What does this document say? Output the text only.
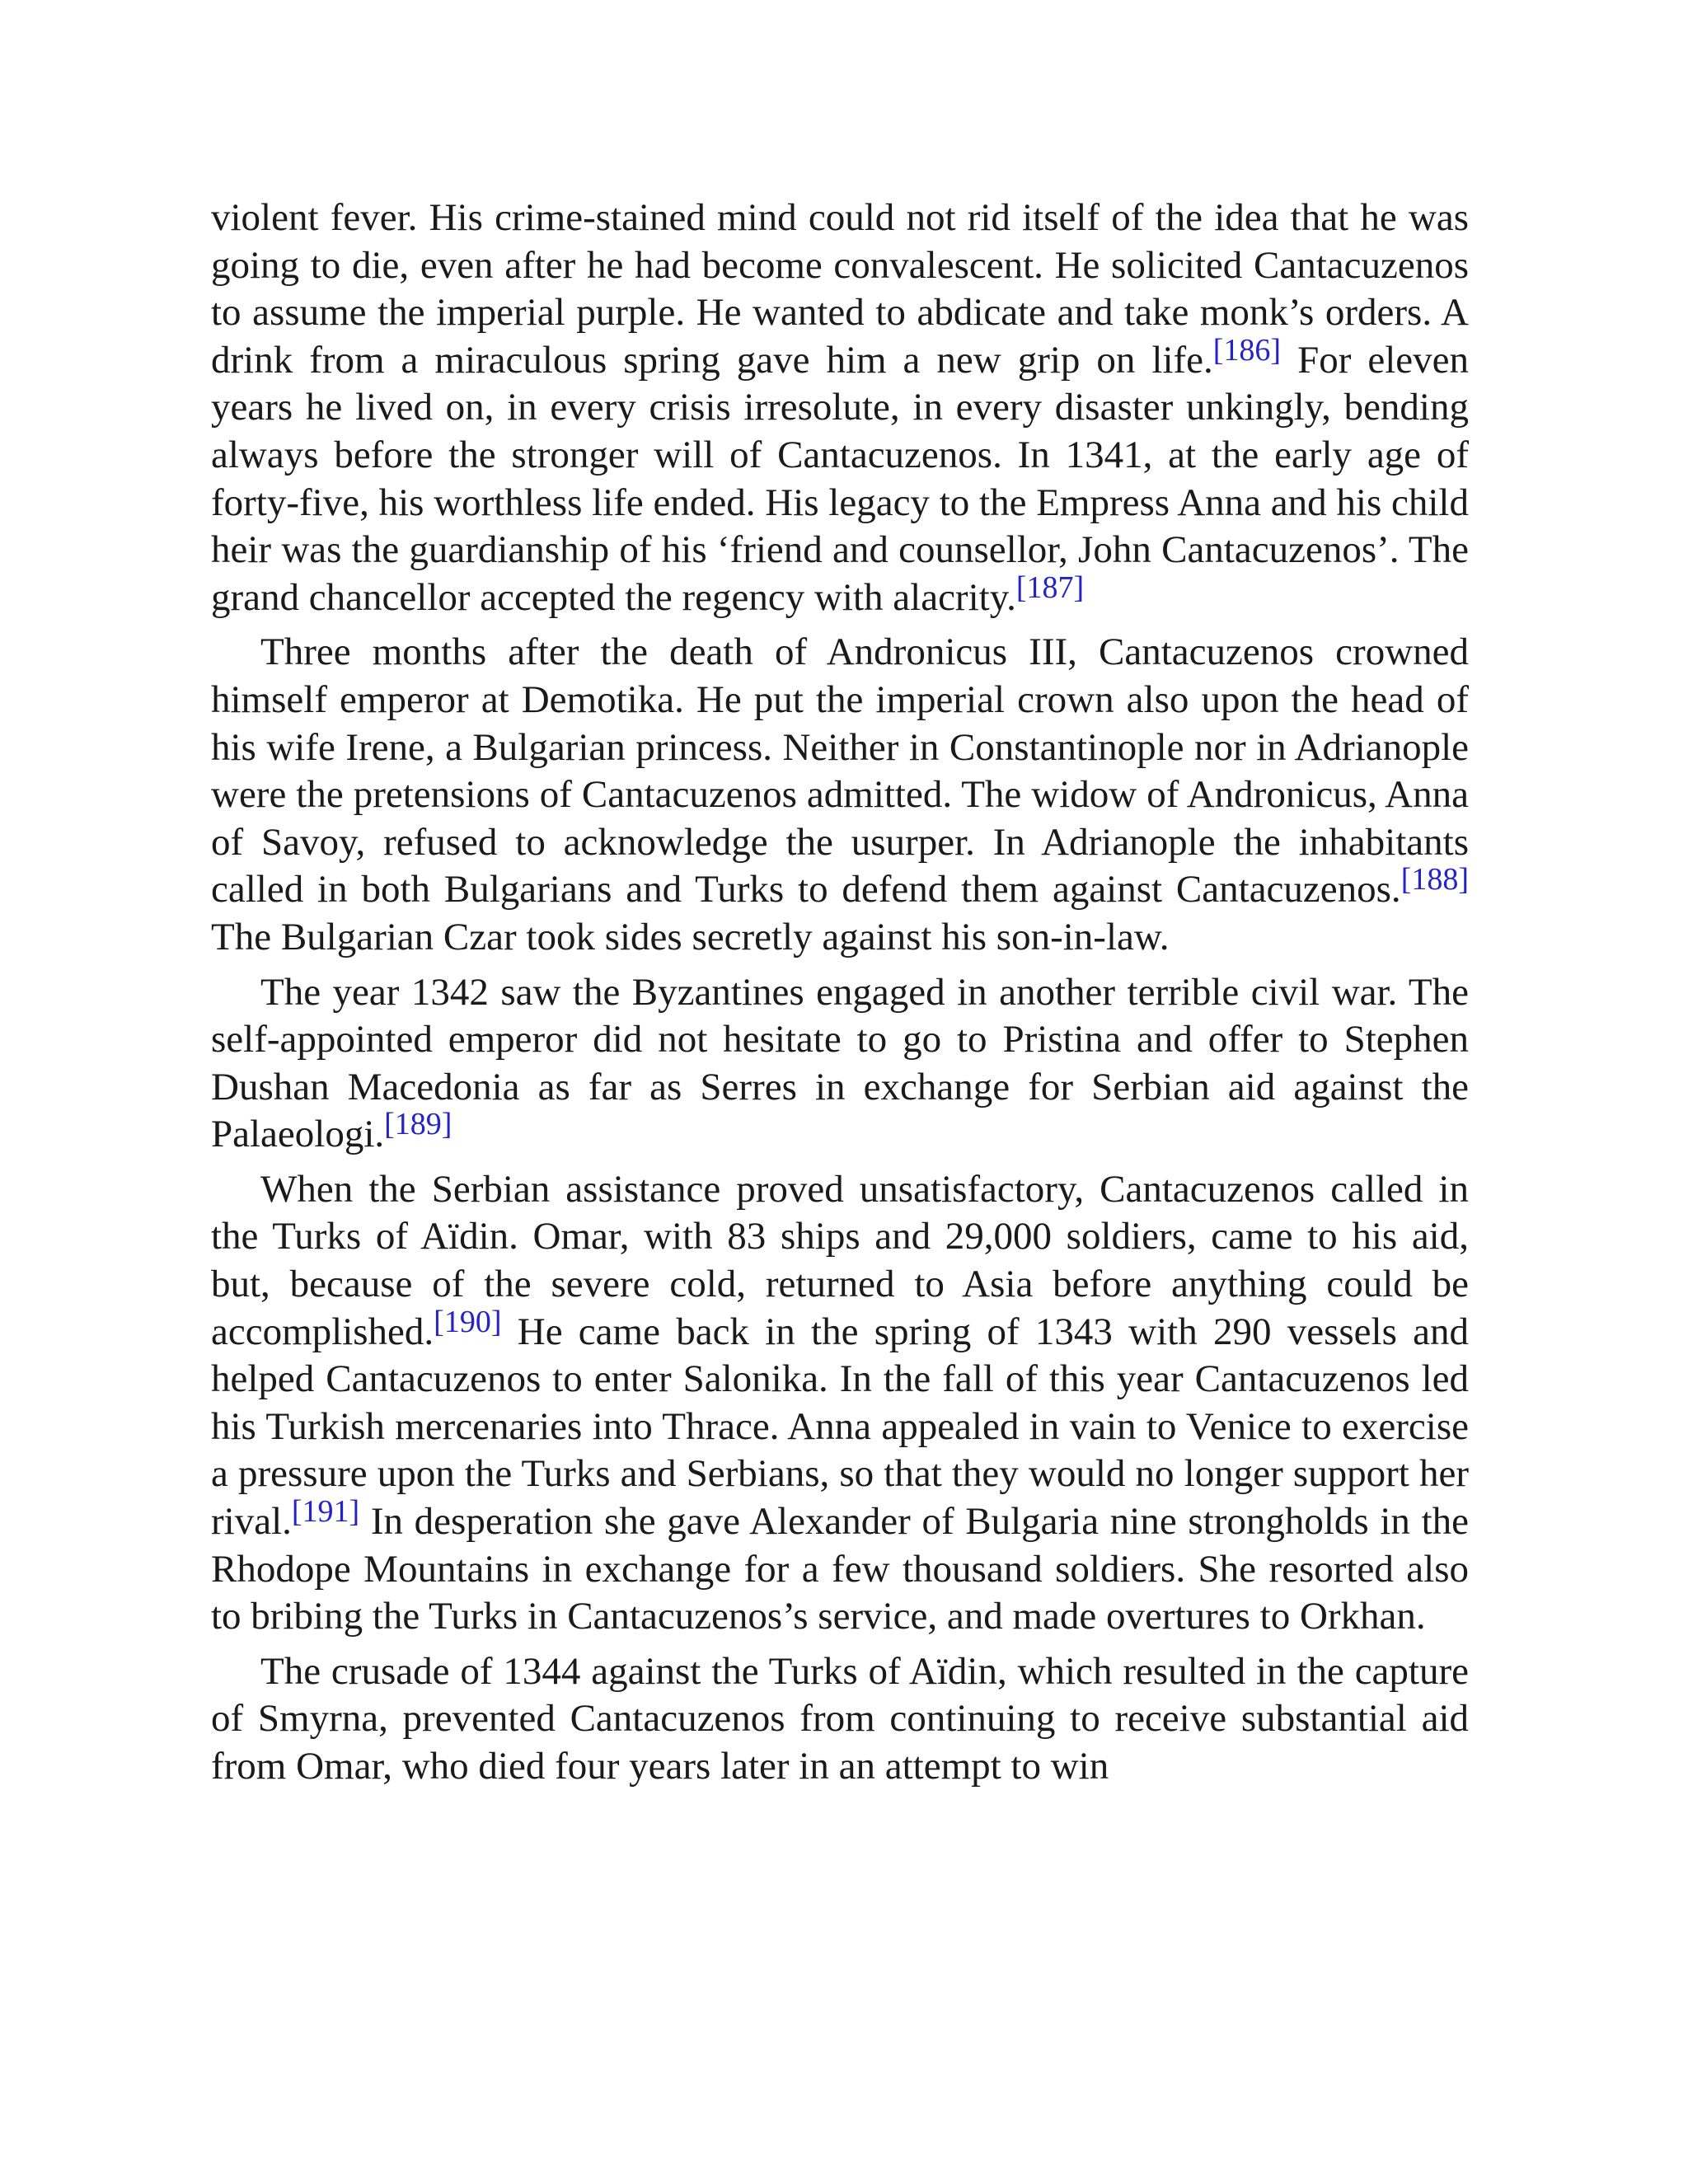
violent fever. His crime-stained mind could not rid itself of the idea that he was going to die, even after he had become convalescent. He solicited Cantacuzenos to assume the imperial purple. He wanted to abdicate and take monk’s orders. A drink from a miraculous spring gave him a new grip on life.[186] For eleven years he lived on, in every crisis irresolute, in every disaster unkingly, bending always before the stronger will of Cantacuzenos. In 1341, at the early age of forty-five, his worthless life ended. His legacy to the Empress Anna and his child heir was the guardianship of his ‘friend and counsellor, John Cantacuzenos’. The grand chancellor accepted the regency with alacrity.[187]

Three months after the death of Andronicus III, Cantacuzenos crowned himself emperor at Demotika. He put the imperial crown also upon the head of his wife Irene, a Bulgarian princess. Neither in Constantinople nor in Adrianople were the pretensions of Cantacuzenos admitted. The widow of Andronicus, Anna of Savoy, refused to acknowledge the usurper. In Adrianople the inhabitants called in both Bulgarians and Turks to defend them against Cantacuzenos.[188] The Bulgarian Czar took sides secretly against his son-in-law.

The year 1342 saw the Byzantines engaged in another terrible civil war. The self-appointed emperor did not hesitate to go to Pristina and offer to Stephen Dushan Macedonia as far as Serres in exchange for Serbian aid against the Palaeologi.[189]

When the Serbian assistance proved unsatisfactory, Cantacuzenos called in the Turks of Aïdin. Omar, with 83 ships and 29,000 soldiers, came to his aid, but, because of the severe cold, returned to Asia before anything could be accomplished.[190] He came back in the spring of 1343 with 290 vessels and helped Cantacuzenos to enter Salonika. In the fall of this year Cantacuzenos led his Turkish mercenaries into Thrace. Anna appealed in vain to Venice to exercise a pressure upon the Turks and Serbians, so that they would no longer support her rival.[191] In desperation she gave Alexander of Bulgaria nine strongholds in the Rhodope Mountains in exchange for a few thousand soldiers. She resorted also to bribing the Turks in Cantacuzenos’s service, and made overtures to Orkhan.

The crusade of 1344 against the Turks of Aïdin, which resulted in the capture of Smyrna, prevented Cantacuzenos from continuing to receive substantial aid from Omar, who died four years later in an attempt to win
